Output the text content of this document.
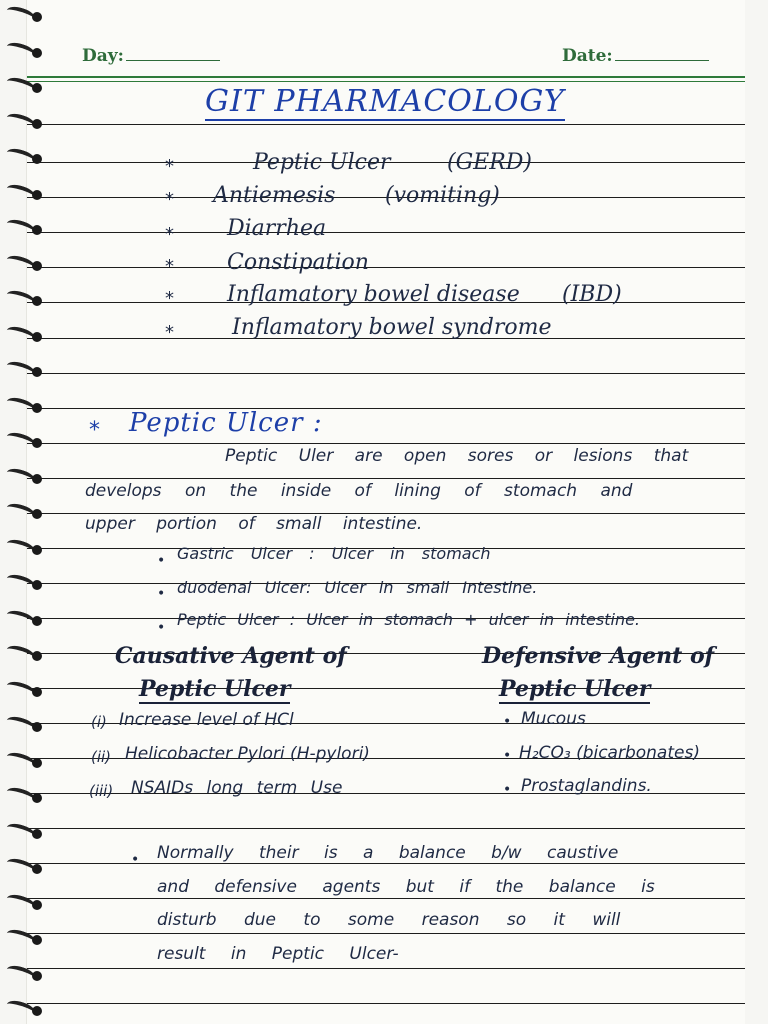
Day:	Date:
GIT PHARMACOLOGY
*	Peptic Ulcer	(GERD)
* Antiemesis (vomiting)
* Diarrhea
* Constipation
* Inflamatory bowel disease (IBD)
*	Inflamatory bowel syndrome
* Peptic Ulcer :
Peptic Uler are open sores or lesions that
develops on the inside of lining of stomach and
upper portion of small intestine.
• Gastric Ulcer : Ulcer in stomach
• duodenal Ulcer: Ulcer in small Intestine.
• Peptic Ulcer : Ulcer in stomach + ulcer in intestine.
Causative Agent of
Peptic Ulcer
(i) Increase level of HCl
(ii) Helicobacter Pylori (H-pylori)
(iii) NSAIDs long term Use
Defensive Agent of
Peptic Ulcer
• Mucous
• H₂CO₃ (bicarbonates)
• Prostaglandins.
• Normally their is a balance b/w caustive
and defensive agents but if the balance is
disturb due to some reason so it will
result in Peptic Ulcer-
